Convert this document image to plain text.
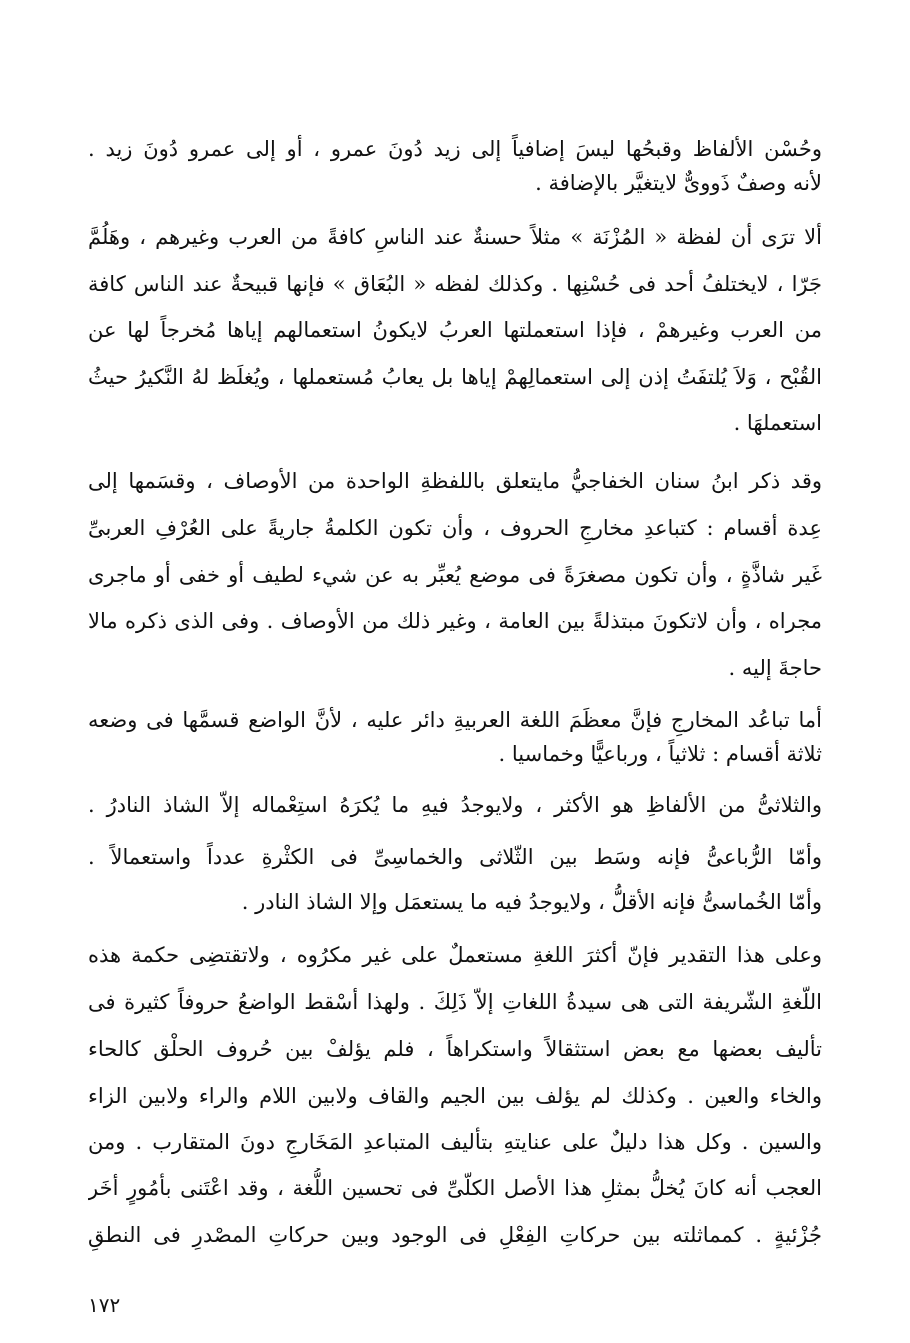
وحُسْن الألفاظ وقبحُها ليسَ إضافياً إلى زيد دُونَ عمرو ، أو إلى عمرو دُونَ زيد .
لأنه وصفٌ ذَووىٌّ لايتغيَّر بالإضافة .
ألا ترَى أن لفظة « المُزْنَة » مثلاً حسنةٌ عند الناسِ كافةً من العرب وغيرهم ، وهَلُمَّ
جَرّا ، لايختلفُ أحد فى حُسْنِها . وكذلك لفظه « البُعَاق » فإنها قبيحةٌ عند الناس كافة
من العرب وغيرهمْ ، فإذا استعملتها العربُ لايكونُ استعمالهم إياها مُخرجاً لها عن
القُبْح ، وَلاَ يُلتفَتُ إذن إلى استعمالِهمْ إياها بل يعابُ مُستعملها ، ويُغلَظ لهُ النَّكيرُ حيثُ
استعملهَا .
وقد ذكر ابنُ سنان الخفاجيُّ مايتعلق باللفظةِ الواحدة من الأوصاف ، وقسَمها إلى
عِدة أقسام : كتباعدِ مخارجِ الحروف ، وأن تكون الكلمةُ جاريةً على العُرْفِ العربىِّ
غَير شاذَّةٍ ، وأن تكون مصغرَةً فى موضع يُعبِّر به عن شيء لطيف أو خفى أو ماجرى
مجراه ، وأن لاتكونَ مبتذلةً بين العامة ، وغير ذلك من الأوصاف . وفى الذى ذكره مالا
حاجةَ إليه .
أما تباعُد المخارجِ فإنَّ معظَمَ اللغة العربيةِ دائر عليه ، لأنَّ الواضع قسمَّها فى وضعه
ثلاثة أقسام : ثلاثياً ، ورباعيًّا وخماسيا .
والثلاثىُّ من الألفاظِ هو الأكثر ، ولايوجدُ فيهِ ما يُكرَهُ استِعْماله إلاّ الشاذ النادرُ .
وأمّا الرُّباعىُّ فإنه وسَط بين الثّلاثى والخماسِىِّ فى الكثْرةِ عدداً واستعمالاً .
وأمّا الخُماسىُّ فإنه الأقلُّ ، ولايوجدُ فيه ما يستعمَل وإلا الشاذ النادر .
وعلى هذا التقدير فإنّ أكثرَ اللغةِ مستعملٌ على غير مكرُوه ، ولاتقتضِى حكمة هذه
اللّغةِ الشّريفة التى هى سيدةُ اللغاتِ إلاّ ذَلِكَ . ولهذا أسْقط الواضعُ حروفاً كثيرة فى
تأليف بعضها مع بعض استثقالاً واستكراهاً ، فلم يؤلفْ بين حُروف الحلْق كالحاء
والخاء والعين . وكذلك لم يؤلف بين الجيم والقاف ولابين اللام والراء ولابين الزاء
والسين . وكل هذا دليلٌ على عنايتهِ بتأليف المتباعدِ المَخَارجِ دونَ المتقارب . ومن
العجب أنه كانَ يُخلُّ بمثلِ هذا الأصل الكلّىِّ فى تحسين اللُّغة ، وقد اعْتَنى بأمُورٍ أخَر
جُزْئيةٍ . كمماثلته بين حركاتِ الفِعْلِ فى الوجود وبين حركاتِ المصْدرِ فى النطقِ
١٧٢
